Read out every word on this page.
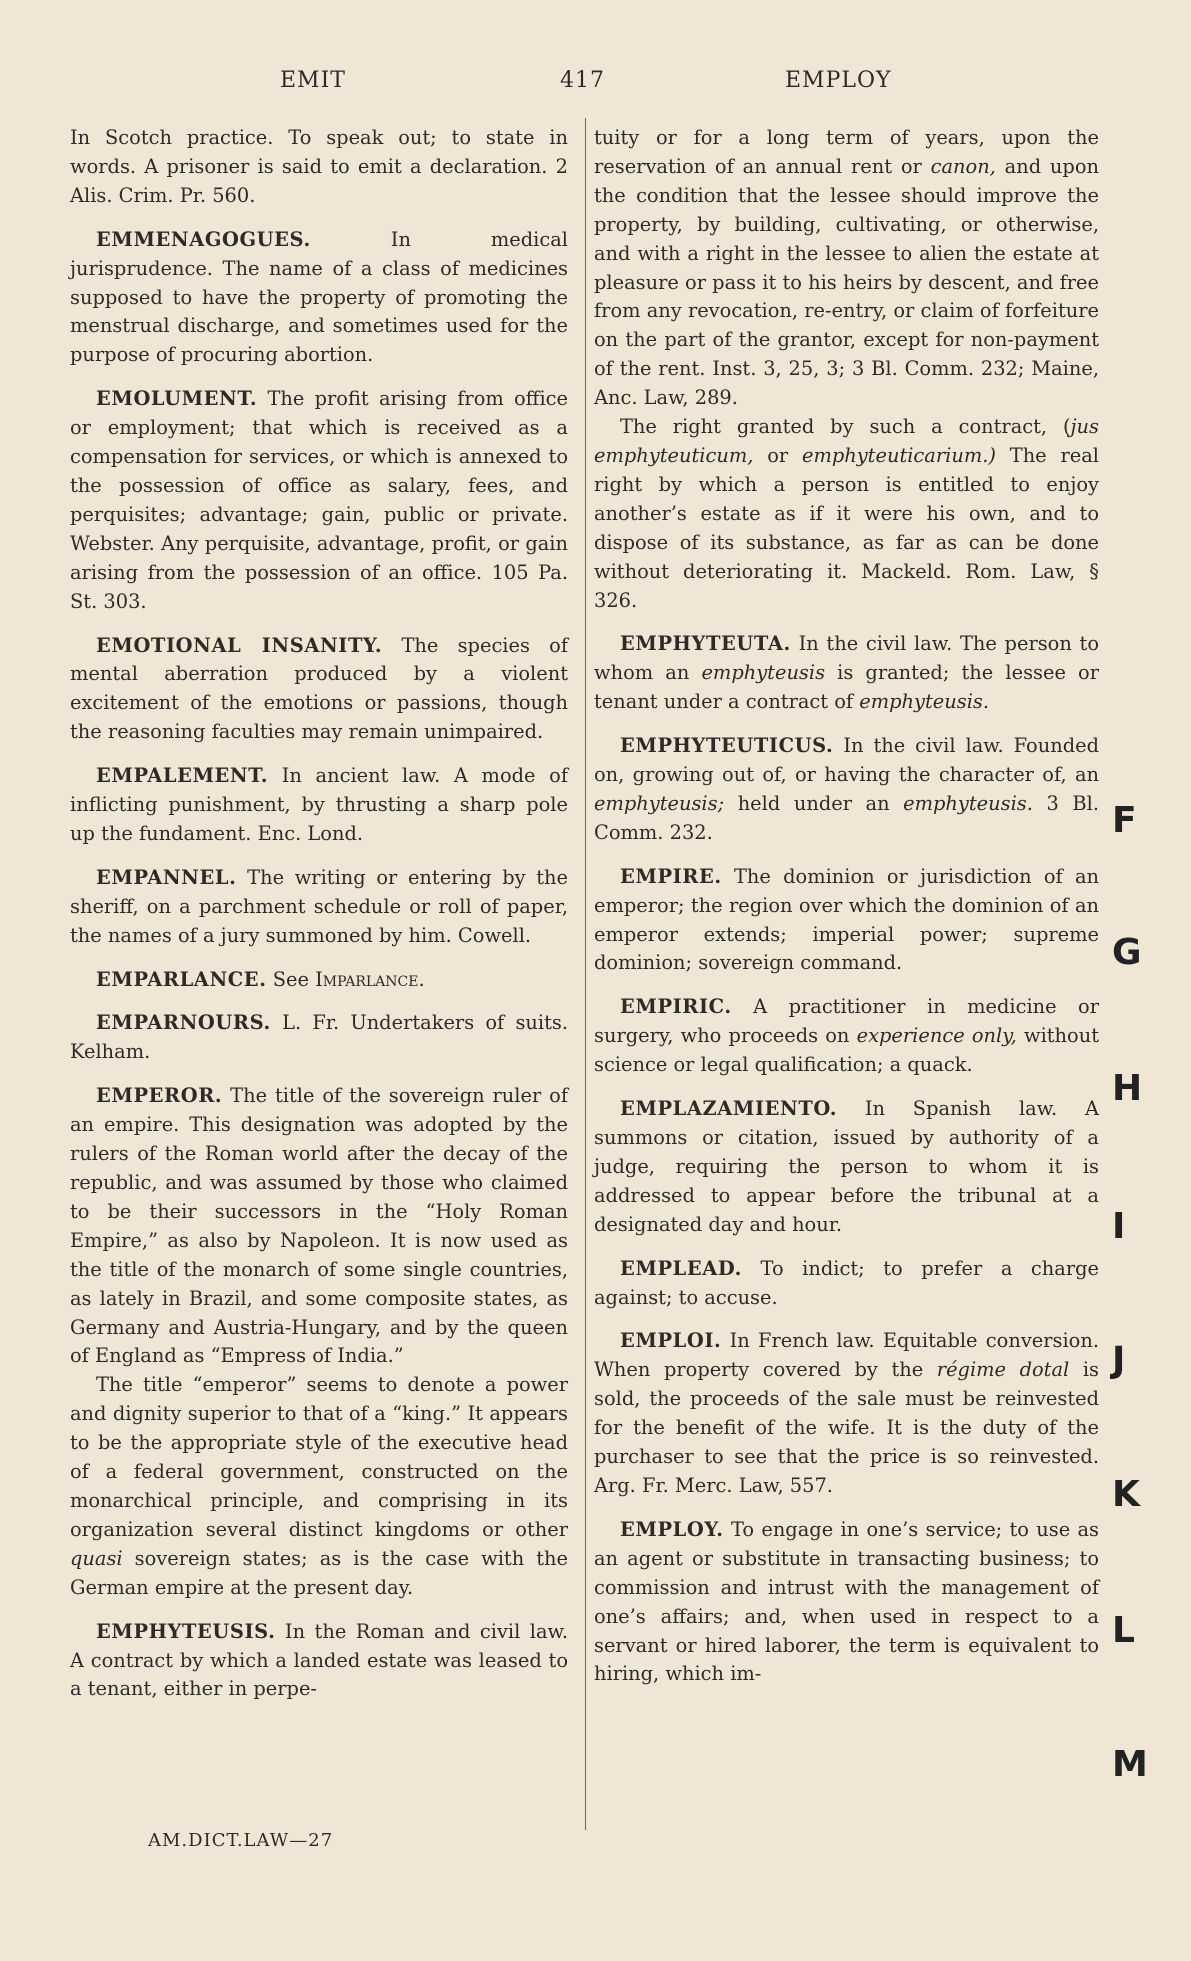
EMIT	417	EMPLOY

In Scotch practice. To speak out; to state in words. A prisoner is said to emit a declaration. 2 Alis. Crim. Pr. 560.

EMMENAGOGUES. In medical jurisprudence. The name of a class of medicines supposed to have the property of promoting the menstrual discharge, and sometimes used for the purpose of procuring abortion.

EMOLUMENT. The profit arising from office or employment; that which is received as a compensation for services, or which is annexed to the possession of office as salary, fees, and perquisites; advantage; gain, public or private. Webster. Any perquisite, advantage, profit, or gain arising from the possession of an office. 105 Pa. St. 303.

EMOTIONAL INSANITY. The species of mental aberration produced by a violent excitement of the emotions or passions, though the reasoning faculties may remain unimpaired.

EMPALEMENT. In ancient law. A mode of inflicting punishment, by thrusting a sharp pole up the fundament. Enc. Lond.

EMPANNEL. The writing or entering by the sheriff, on a parchment schedule or roll of paper, the names of a jury summoned by him. Cowell.

EMPARLANCE. See Imparlance.

EMPARNOURS. L. Fr. Undertakers of suits. Kelham.

EMPEROR. The title of the sovereign ruler of an empire. This designation was adopted by the rulers of the Roman world after the decay of the republic, and was assumed by those who claimed to be their successors in the “Holy Roman Empire,” as also by Napoleon. It is now used as the title of the monarch of some single countries, as lately in Brazil, and some composite states, as Germany and Austria-Hungary, and by the queen of England as “Empress of India.”

The title “emperor” seems to denote a power and dignity superior to that of a “king.” It appears to be the appropriate style of the executive head of a federal government, constructed on the monarchical principle, and comprising in its organization several distinct kingdoms or other quasi sovereign states; as is the case with the German empire at the present day.

EMPHYTEUSIS. In the Roman and civil law. A contract by which a landed estate was leased to a tenant, either in perpe-

tuity or for a long term of years, upon the reservation of an annual rent or canon, and upon the condition that the lessee should improve the property, by building, cultivating, or otherwise, and with a right in the lessee to alien the estate at pleasure or pass it to his heirs by descent, and free from any revocation, re-entry, or claim of forfeiture on the part of the grantor, except for non-payment of the rent. Inst. 3, 25, 3; 3 Bl. Comm. 232; Maine, Anc. Law, 289.

The right granted by such a contract, (jus emphyteuticum, or emphyteuticarium.) The real right by which a person is entitled to enjoy another’s estate as if it were his own, and to dispose of its substance, as far as can be done without deteriorating it. Mackeld. Rom. Law, § 326.

EMPHYTEUTA. In the civil law. The person to whom an emphyteusis is granted; the lessee or tenant under a contract of emphyteusis.

EMPHYTEUTICUS. In the civil law. Founded on, growing out of, or having the character of, an emphyteusis; held under an emphyteusis. 3 Bl. Comm. 232.

EMPIRE. The dominion or jurisdiction of an emperor; the region over which the dominion of an emperor extends; imperial power; supreme dominion; sovereign command.

EMPIRIC. A practitioner in medicine or surgery, who proceeds on experience only, without science or legal qualification; a quack.

EMPLAZAMIENTO. In Spanish law. A summons or citation, issued by authority of a judge, requiring the person to whom it is addressed to appear before the tribunal at a designated day and hour.

EMPLEAD. To indict; to prefer a charge against; to accuse.

EMPLOI. In French law. Equitable conversion. When property covered by the régime dotal is sold, the proceeds of the sale must be reinvested for the benefit of the wife. It is the duty of the purchaser to see that the price is so reinvested. Arg. Fr. Merc. Law, 557.

EMPLOY. To engage in one’s service; to use as an agent or substitute in transacting business; to commission and intrust with the management of one’s affairs; and, when used in respect to a servant or hired laborer, the term is equivalent to hiring, which im-

AM.DICT.LAW—27
F
G
H
I
J
K
L
M
